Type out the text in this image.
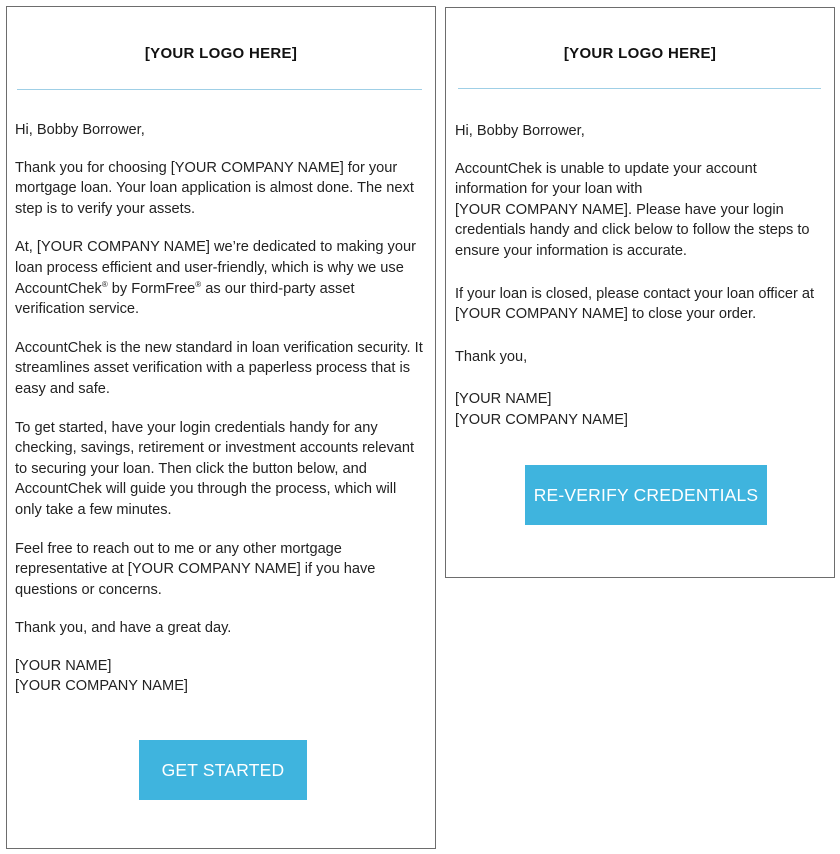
[YOUR LOGO HERE]

Hi, Bobby Borrower,

Thank you for choosing [YOUR COMPANY NAME] for your mortgage loan. Your loan application is almost done. The next step is to verify your assets.

At, [YOUR COMPANY NAME] we’re dedicated to making your loan process efficient and user-friendly, which is why we use AccountChek® by FormFree® as our third-party asset verification service.

AccountChek is the new standard in loan verification security. It streamlines asset verification with a paperless process that is easy and safe.

To get started, have your login credentials handy for any checking, savings, retirement or investment accounts relevant to securing your loan. Then click the button below, and AccountChek will guide you through the process, which will only take a few minutes.

Feel free to reach out to me or any other mortgage representative at [YOUR COMPANY NAME] if you have questions or concerns.

Thank you, and have a great day.

[YOUR NAME]

[YOUR COMPANY NAME]

GET STARTED
[YOUR LOGO HERE]

Hi, Bobby Borrower,

AccountChek is unable to update your account information for your loan with
[YOUR COMPANY NAME]. Please have your login credentials handy and click below to follow the steps to ensure your information is accurate.

If your loan is closed, please contact your loan officer at [YOUR COMPANY NAME] to close your order.

Thank you,

[YOUR NAME]

[YOUR COMPANY NAME]

RE-VERIFY CREDENTIALS
